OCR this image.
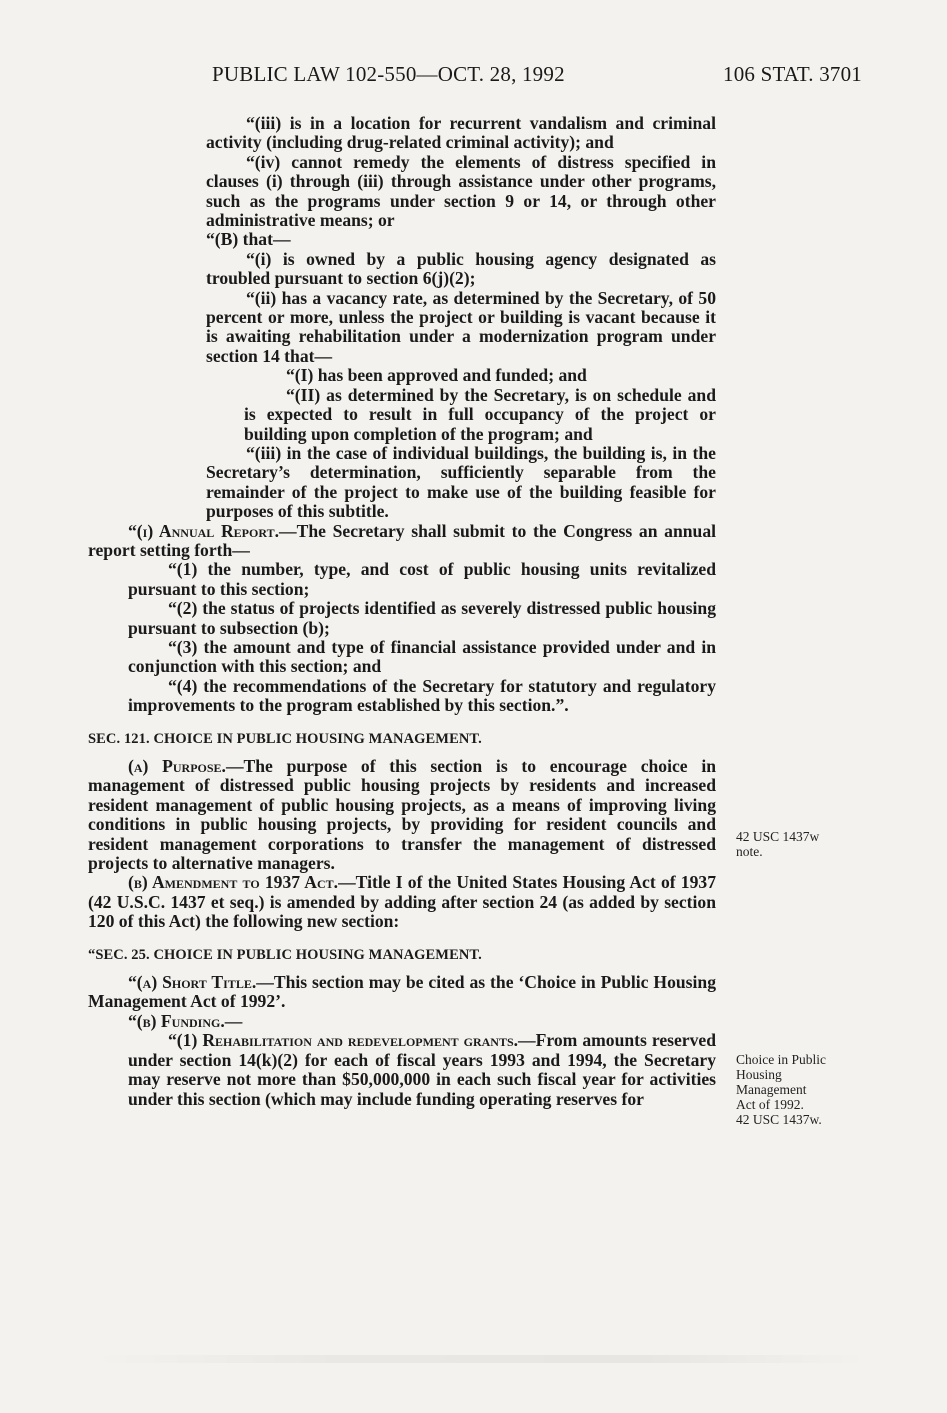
PUBLIC LAW 102-550—OCT. 28, 1992	106 STAT. 3701

“(iii) is in a location for recurrent vandalism and criminal activity (including drug-related criminal activity); and

“(iv) cannot remedy the elements of distress specified in clauses (i) through (iii) through assistance under other programs, such as the programs under section 9 or 14, or through other administrative means; or

“(B) that—

“(i) is owned by a public housing agency designated as troubled pursuant to section 6(j)(2);

“(ii) has a vacancy rate, as determined by the Secretary, of 50 percent or more, unless the project or building is vacant because it is awaiting rehabilitation under a modernization program under section 14 that—

“(I) has been approved and funded; and

“(II) as determined by the Secretary, is on schedule and is expected to result in full occupancy of the project or building upon completion of the program; and

“(iii) in the case of individual buildings, the building is, in the Secretary’s determination, sufficiently separable from the remainder of the project to make use of the building feasible for purposes of this subtitle.

“(i) Annual Report.—The Secretary shall submit to the Congress an annual report setting forth—

“(1) the number, type, and cost of public housing units revitalized pursuant to this section;

“(2) the status of projects identified as severely distressed public housing pursuant to subsection (b);

“(3) the amount and type of financial assistance provided under and in conjunction with this section; and

“(4) the recommendations of the Secretary for statutory and regulatory improvements to the program established by this section.”.

SEC. 121. CHOICE IN PUBLIC HOUSING MANAGEMENT.

(a) Purpose.—The purpose of this section is to encourage choice in management of distressed public housing projects by residents and increased resident management of public housing projects, as a means of improving living conditions in public housing projects, by providing for resident councils and resident management corporations to transfer the management of distressed projects to alternative managers.

(b) Amendment to 1937 Act.—Title I of the United States Housing Act of 1937 (42 U.S.C. 1437 et seq.) is amended by adding after section 24 (as added by section 120 of this Act) the following new section:

“SEC. 25. CHOICE IN PUBLIC HOUSING MANAGEMENT.

“(a) Short Title.—This section may be cited as the ‘Choice in Public Housing Management Act of 1992’.

“(b) Funding.—

“(1) Rehabilitation and redevelopment grants.—From amounts reserved under section 14(k)(2) for each of fiscal years 1993 and 1994, the Secretary may reserve not more than $50,000,000 in each such fiscal year for activities under this section (which may include funding operating reserves for

42 USC 1437w
note.
Choice in Public
Housing
Management
Act of 1992.
42 USC 1437w.
